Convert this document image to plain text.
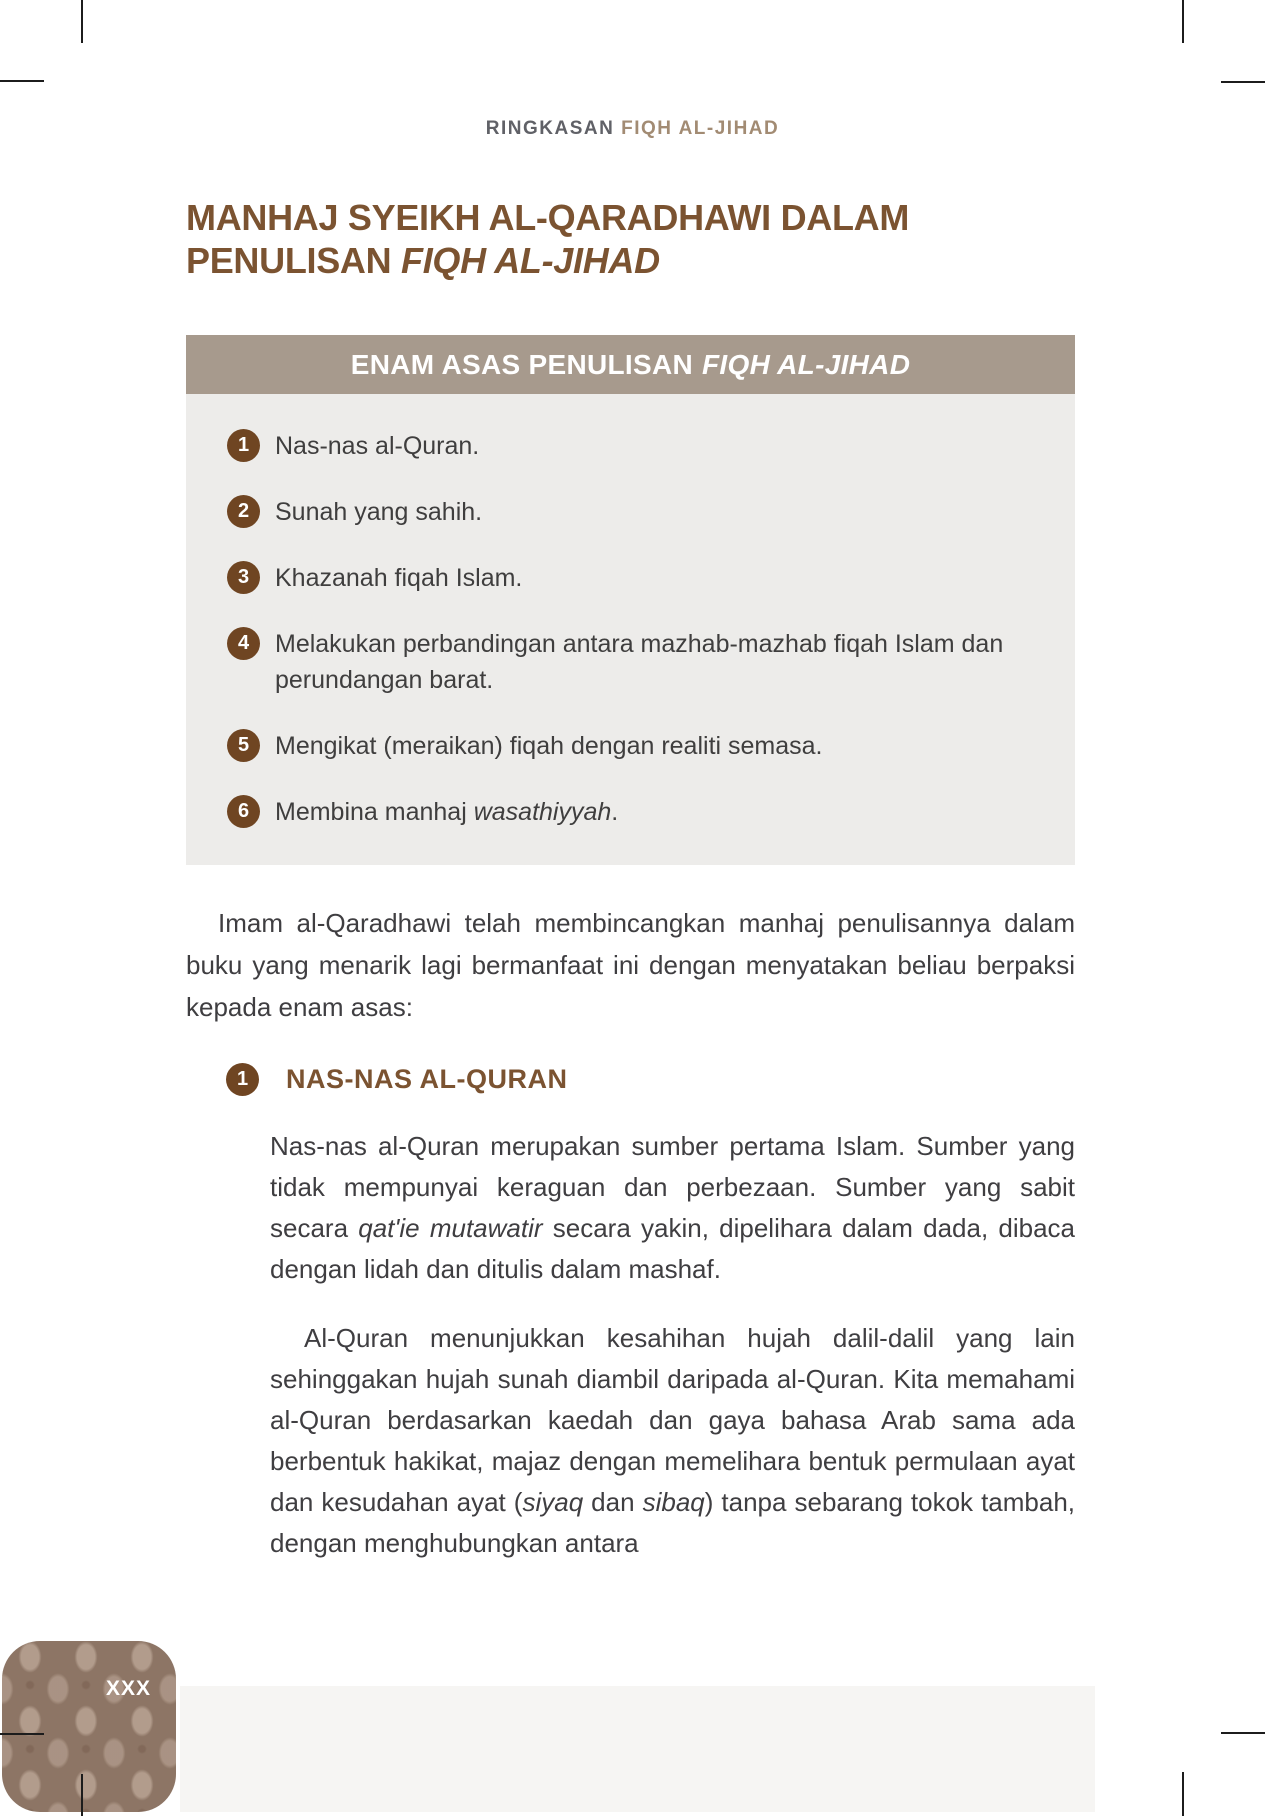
RINGKASAN FIQH AL-JIHAD
MANHAJ SYEIKH AL-QARADHAWI DALAM
PENULISAN FIQH AL-JIHAD
ENAM ASAS PENULISAN FIQH AL-JIHAD
1	Nas-nas al-Quran.

2	Sunah yang sahih.

3	Khazanah fiqah Islam.

4	Melakukan perbandingan antara mazhab-mazhab fiqah Islam dan perundangan barat.

5	Mengikat (meraikan) fiqah dengan realiti semasa.

6	Membina manhaj wasathiyyah.

Imam al-Qaradhawi telah membincangkan manhaj penulisannya dalam buku yang menarik lagi bermanfaat ini dengan menyatakan beliau berpaksi kepada enam asas:

1	NAS-NAS AL-QURAN

Nas-nas al-Quran merupakan sumber pertama Islam. Sumber yang tidak mempunyai keraguan dan perbezaan. Sumber yang sabit secara qat'ie mutawatir secara yakin, dipelihara dalam dada, dibaca dengan lidah dan ditulis dalam mashaf.

Al-Quran menunjukkan kesahihan hujah dalil-dalil yang lain sehinggakan hujah sunah diambil daripada al-Quran. Kita memahami al-Quran berdasarkan kaedah dan gaya bahasa Arab sama ada berbentuk hakikat, majaz dengan memelihara bentuk permulaan ayat dan kesudahan ayat (siyaq dan sibaq) tanpa sebarang tokok tambah, dengan menghubungkan antara

XXX
